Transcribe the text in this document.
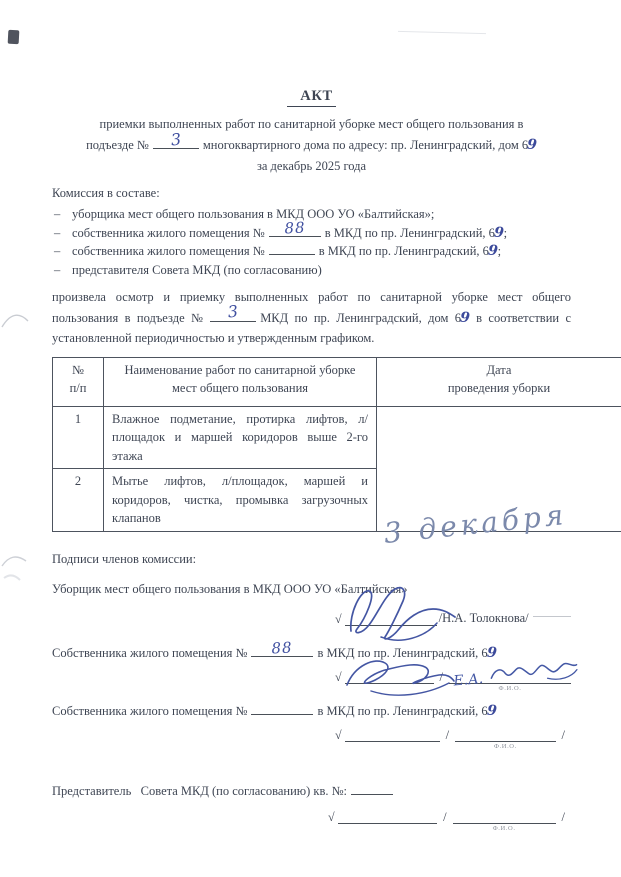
АКТ
приемки выполненных работ по санитарной уборке мест общего пользования в
подъезде № 3 многоквартирного дома по адресу: пр. Ленинградский, дом 69
за декабрь 2025 года
Комиссия в составе:
– уборщика мест общего пользования в МКД ООО УО «Балтийская»;
– собственника жилого помещения № 88 в МКД по пр. Ленинградский, 69;
– собственника жилого помещения №	в МКД по пр. Ленинградский, 69;
– представителя Совета МКД (по согласованию)
произвела осмотр и приемку выполненных работ по санитарной уборке мест общего
пользования в подъезде № 3 МКД по пр. Ленинградский, дом 69 в соответствии с
установленной периодичностью и утвержденным графиком.
№
п/п	Наименование работ по санитарной уборке мест общего пользования	Дата
проведения уборки
1	Влажное подметание, протирка лифтов, л/площадок и маршей коридоров выше 2-го этажа	3 декабря

2	Мытье лифтов, л/площадок, маршей и коридоров, чистка, промывка загрузочных клапанов	
Подписи членов комиссии:
Уборщик мест общего пользования в МКД ООО УО «Балтийская»
√	/Н.А. Толокнова/
Собственника жилого помещения № 88 в МКД по пр. Ленинградский, 69
√	/ Е.А.	Ф.И.О.
Собственника жилого помещения №	в МКД по пр. Ленинградский, 69
√	/
Ф.И.О.
/
Представитель   Совета МКД (по согласованию) кв. №:
√	/
Ф.И.О.
/
